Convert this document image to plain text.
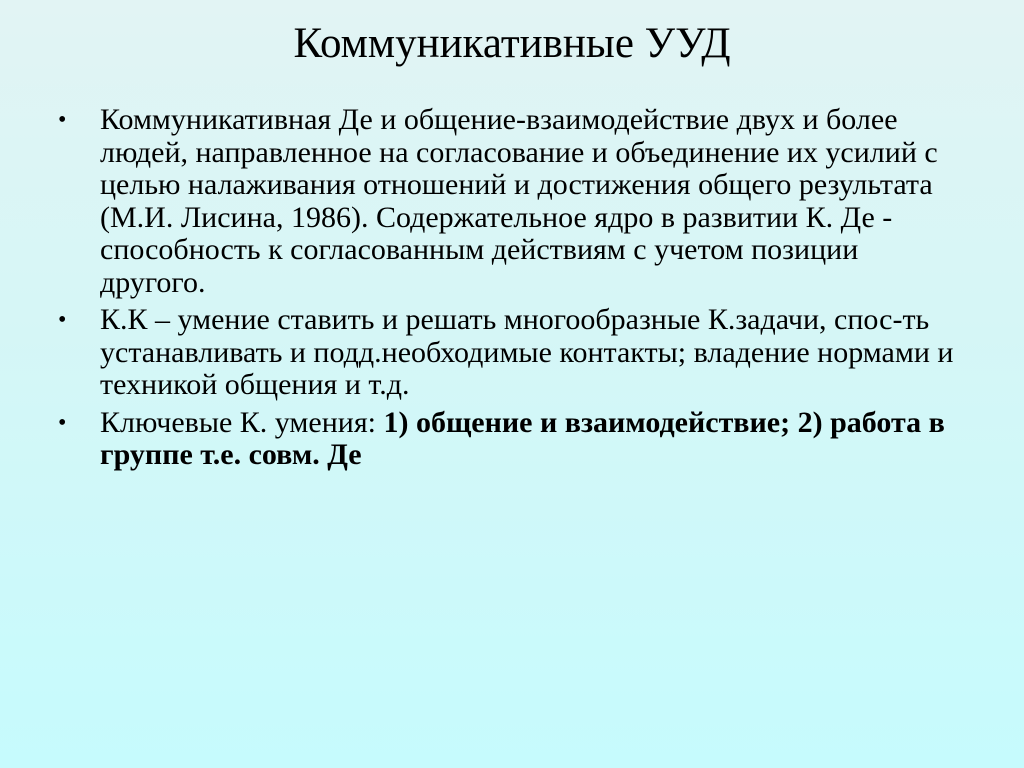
Коммуникативные УУД
• Коммуникативная Де и общение-взаимодействие двух и более людей, направленное на согласование и объединение их усилий с целью налаживания отношений и достижения общего результата (М.И. Лисина, 1986). Содержательное ядро в развитии К. Де - способность к согласованным действиям с учетом позиции другого.
• К.К – умение ставить и решать многообразные К.задачи, спос-ть устанавливать и подд.необходимые контакты; владение нормами и техникой общения и т.д.
• Ключевые К. умения: 1) общение и взаимодействие; 2) работа в группе т.е. совм. Де
